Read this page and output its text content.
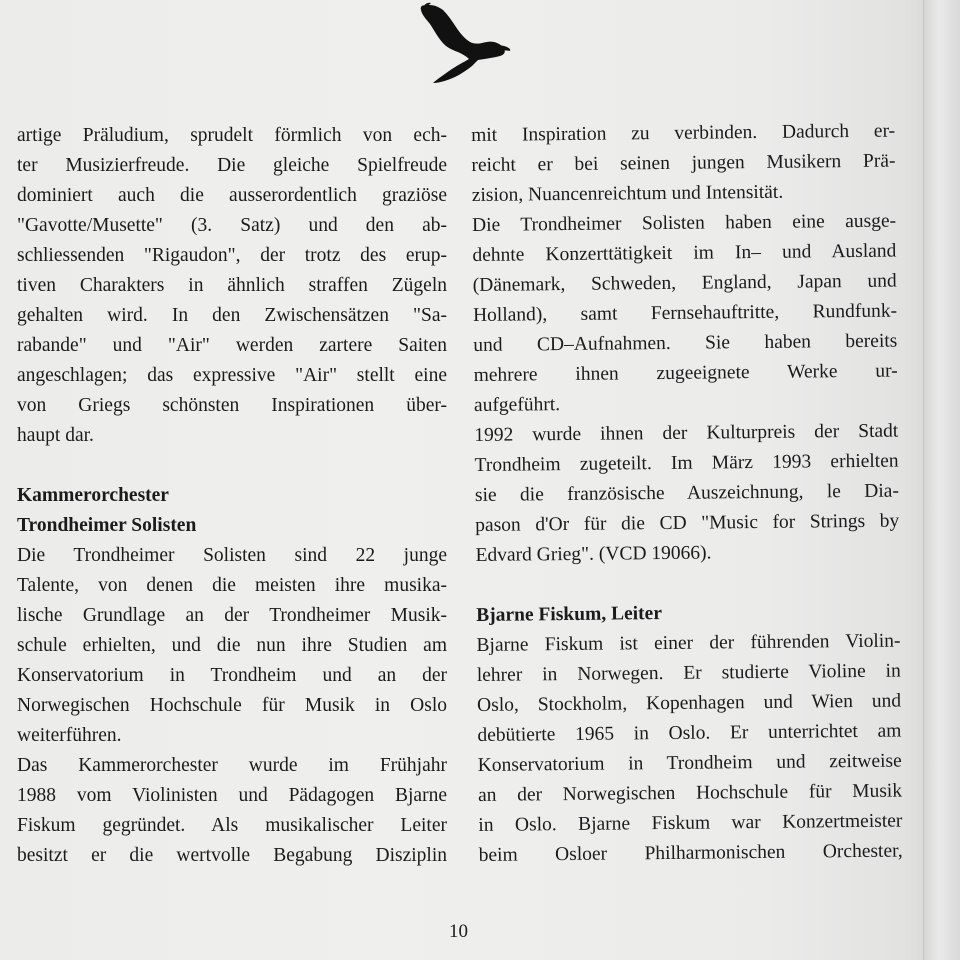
artige Präludium, sprudelt förmlich von ech-
ter Musizierfreude. Die gleiche Spielfreude
dominiert auch die ausserordentlich graziöse
"Gavotte/Musette" (3. Satz) und den ab-
schliessenden "Rigaudon", der trotz des erup-
tiven Charakters in ähnlich straffen Zügeln
gehalten wird. In den Zwischensätzen "Sa-
rabande" und "Air" werden zartere Saiten
angeschlagen; das expressive "Air" stellt eine
von Griegs schönsten Inspirationen über-
haupt dar.
Kammerorchester
Trondheimer Solisten
Die Trondheimer Solisten sind 22 junge
Talente, von denen die meisten ihre musika-
lische Grundlage an der Trondheimer Musik-
schule erhielten, und die nun ihre Studien am
Konservatorium in Trondheim und an der
Norwegischen Hochschule für Musik in Oslo
weiterführen.
Das Kammerorchester wurde im Frühjahr
1988 vom Violinisten und Pädagogen Bjarne
Fiskum gegründet. Als musikalischer Leiter
besitzt er die wertvolle Begabung Disziplin
mit Inspiration zu verbinden. Dadurch er-
reicht er bei seinen jungen Musikern Prä-
zision, Nuancenreichtum und Intensität.
Die Trondheimer Solisten haben eine ausge-
dehnte Konzerttätigkeit im In– und Ausland
(Dänemark, Schweden, England, Japan und
Holland), samt Fernsehauftritte, Rundfunk-
und CD–Aufnahmen. Sie haben bereits
mehrere ihnen zugeeignete Werke ur-
aufgeführt.
1992 wurde ihnen der Kulturpreis der Stadt
Trondheim zugeteilt. Im März 1993 erhielten
sie die französische Auszeichnung, le Dia-
pason d'Or für die CD "Music for Strings by
Edvard Grieg". (VCD 19066).
Bjarne Fiskum, Leiter
Bjarne Fiskum ist einer der führenden Violin-
lehrer in Norwegen. Er studierte Violine in
Oslo, Stockholm, Kopenhagen und Wien und
debütierte 1965 in Oslo. Er unterrichtet am
Konservatorium in Trondheim und zeitweise
an der Norwegischen Hochschule für Musik
in Oslo. Bjarne Fiskum war Konzertmeister
beim Osloer Philharmonischen Orchester,
10
